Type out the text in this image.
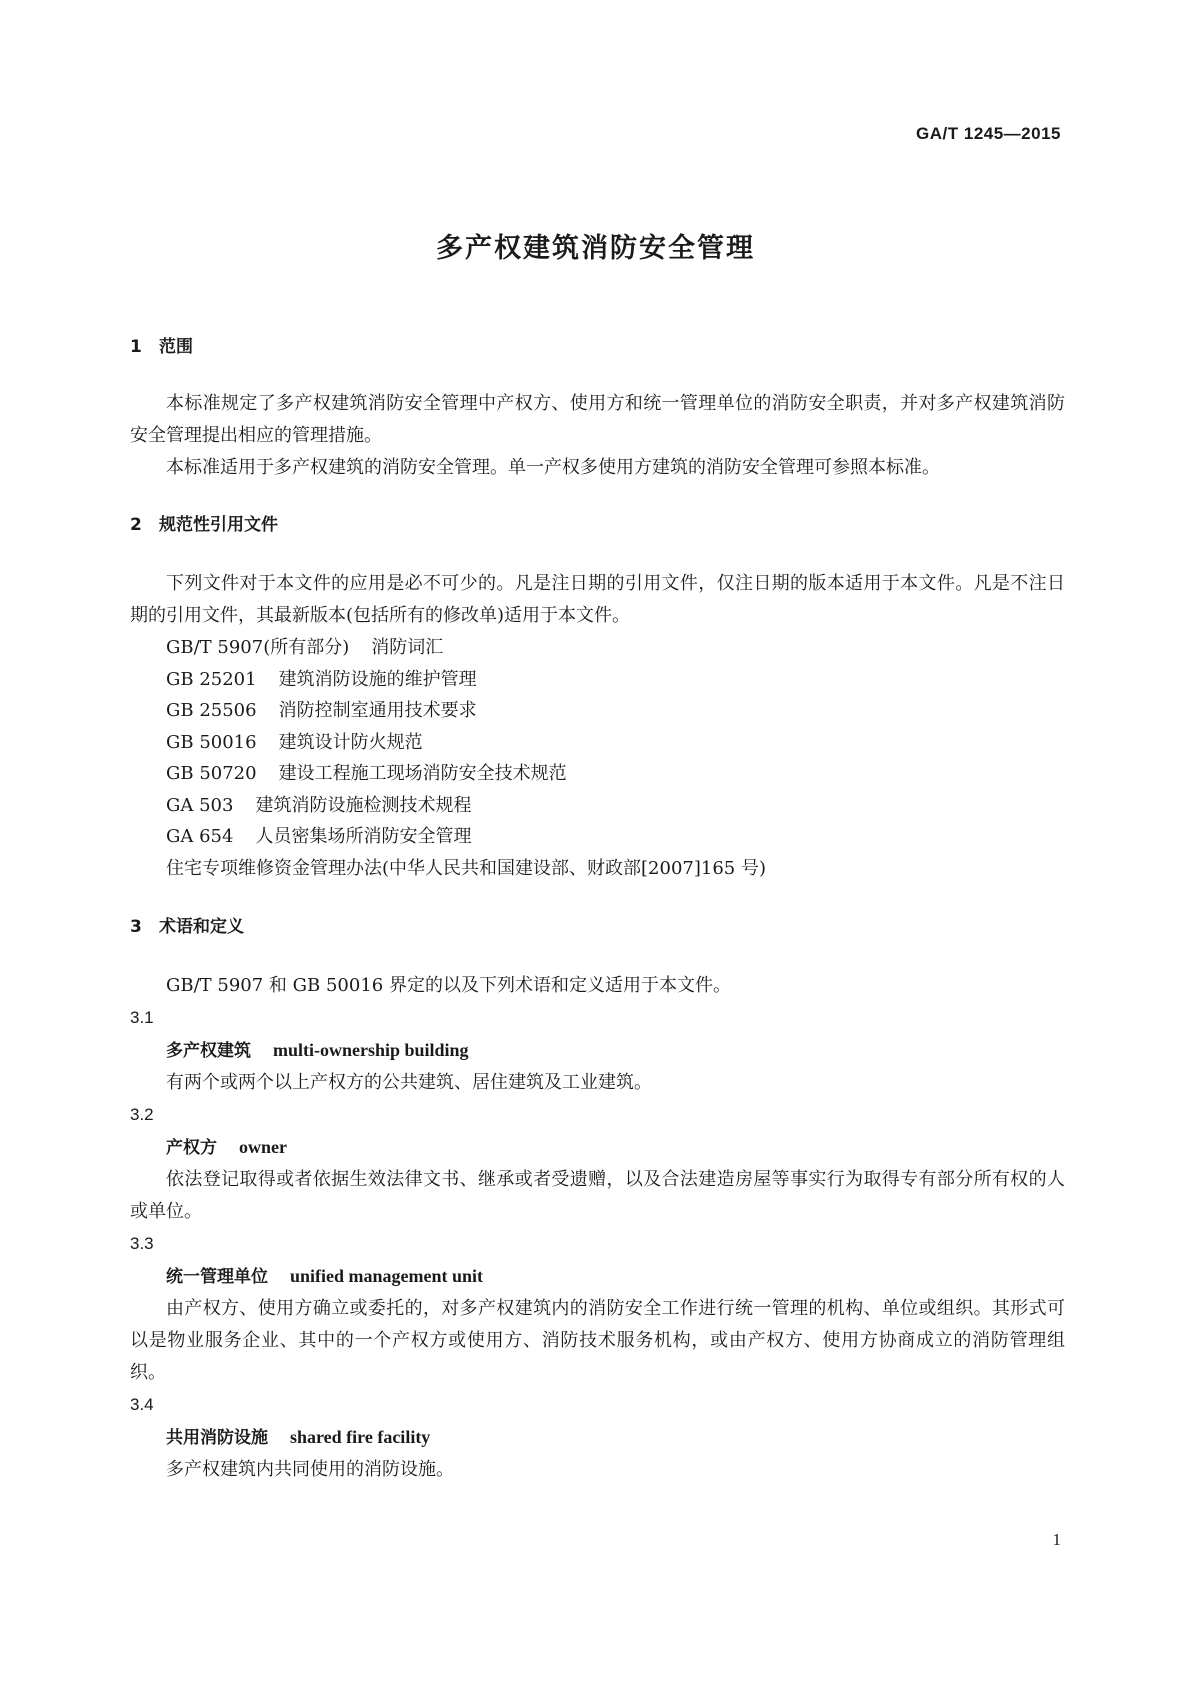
GA/T 1245—2015
多产权建筑消防安全管理
1 范围

本标准规定了多产权建筑消防安全管理中产权方、使用方和统一管理单位的消防安全职责，并对多产权建筑消防安全管理提出相应的管理措施。

本标准适用于多产权建筑的消防安全管理。单一产权多使用方建筑的消防安全管理可参照本标准。

2 规范性引用文件

下列文件对于本文件的应用是必不可少的。凡是注日期的引用文件，仅注日期的版本适用于本文件。凡是不注日期的引用文件，其最新版本(包括所有的修改单)适用于本文件。

GB/T 5907(所有部分) 消防词汇
GB 25201 建筑消防设施的维护管理
GB 25506 消防控制室通用技术要求
GB 50016 建筑设计防火规范
GB 50720 建设工程施工现场消防安全技术规范
GA 503 建筑消防设施检测技术规程
GA 654 人员密集场所消防安全管理
住宅专项维修资金管理办法(中华人民共和国建设部、财政部[2007]165 号)
3 术语和定义

GB/T 5907 和 GB 50016 界定的以及下列术语和定义适用于本文件。

3.1
多产权建筑 multi-ownership building

有两个或两个以上产权方的公共建筑、居住建筑及工业建筑。

3.2
产权方 owner

依法登记取得或者依据生效法律文书、继承或者受遗赠，以及合法建造房屋等事实行为取得专有部分所有权的人或单位。

3.3
统一管理单位 unified management unit

由产权方、使用方确立或委托的，对多产权建筑内的消防安全工作进行统一管理的机构、单位或组织。其形式可以是物业服务企业、其中的一个产权方或使用方、消防技术服务机构，或由产权方、使用方协商成立的消防管理组织。

3.4
共用消防设施 shared fire facility

多产权建筑内共同使用的消防设施。

1
